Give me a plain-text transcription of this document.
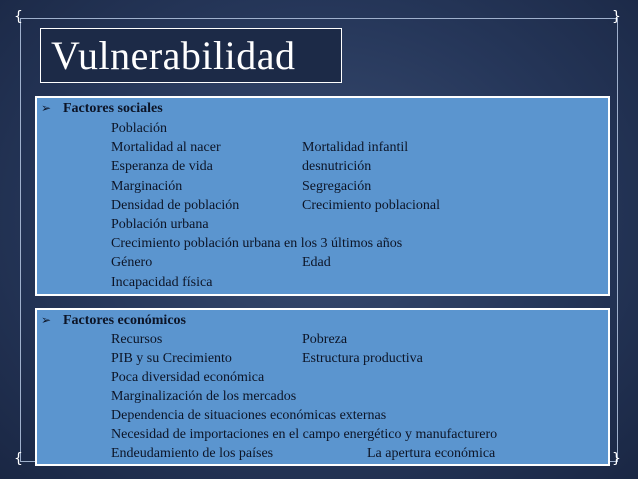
{	}
{	}
Vulnerabilidad
➢ Factores sociales
Población
Mortalidad al nacer	Mortalidad infantil
Esperanza de vida	desnutrición
Marginación	Segregación
Densidad de población	Crecimiento poblacional
Población urbana
Crecimiento población urbana en los 3 últimos años
Género	Edad
Incapacidad física
➢ Factores económicos
Recursos	Pobreza
PIB y su Crecimiento	Estructura productiva
Poca diversidad económica
Marginalización de los mercados
Dependencia de situaciones económicas externas
Necesidad de importaciones en el campo energético y manufacturero
Endeudamiento de los países	La apertura económica
